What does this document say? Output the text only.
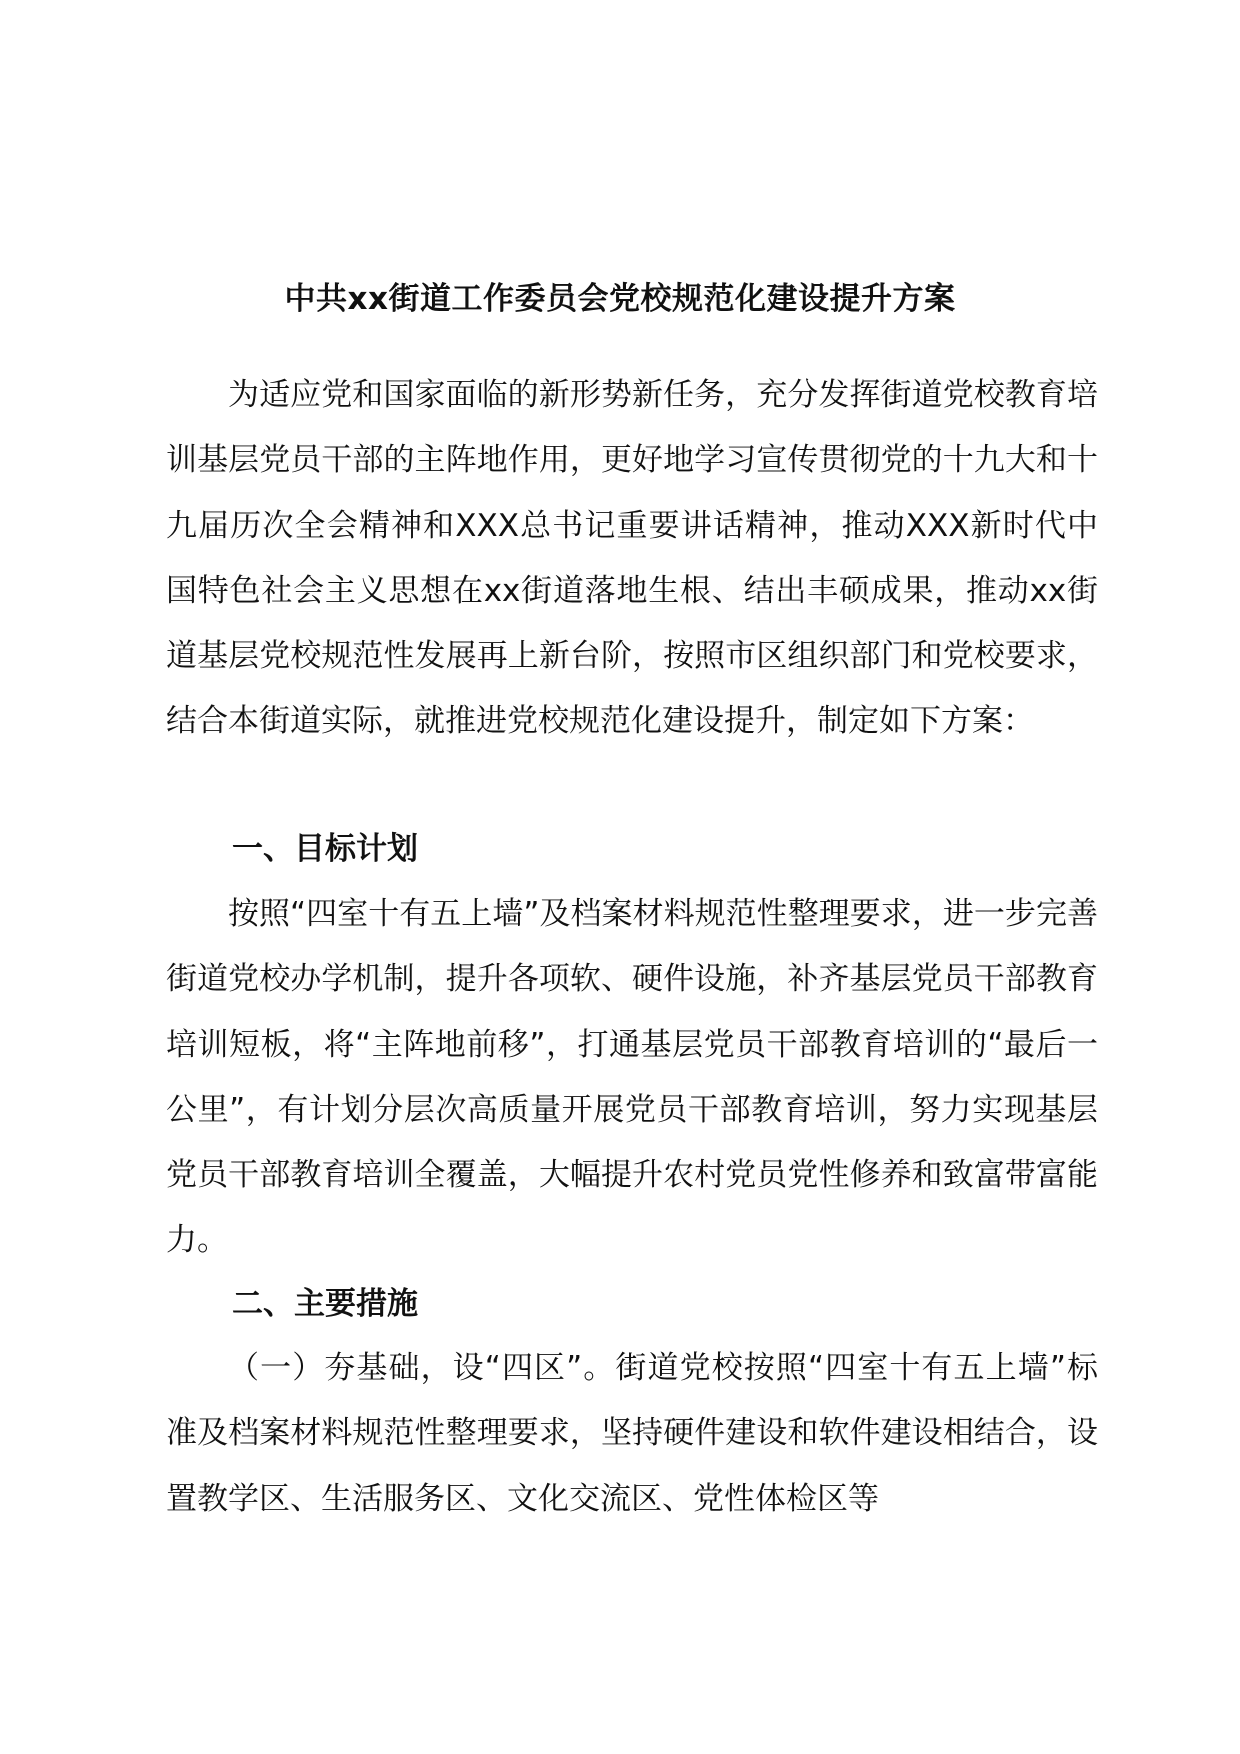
中共xx街道工作委员会党校规范化建设提升方案

为适应党和国家面临的新形势新任务，充分发挥街道党校教育培训基层党员干部的主阵地作用，更好地学习宣传贯彻党的十九大和十九届历次全会精神和XXX总书记重要讲话精神，推动XXX新时代中国特色社会主义思想在xx街道落地生根、结出丰硕成果，推动xx街道基层党校规范性发展再上新台阶，按照市区组织部门和党校要求，结合本街道实际，就推进党校规范化建设提升，制定如下方案：

一、目标计划

按照“四室十有五上墙”及档案材料规范性整理要求，进一步完善街道党校办学机制，提升各项软、硬件设施，补齐基层党员干部教育培训短板，将“主阵地前移”，打通基层党员干部教育培训的“最后一公里”，有计划分层次高质量开展党员干部教育培训，努力实现基层党员干部教育培训全覆盖，大幅提升农村党员党性修养和致富带富能力。

二、主要措施

（一）夯基础，设“四区”。街道党校按照“四室十有五上墙”标准及档案材料规范性整理要求，坚持硬件建设和软件建设相结合，设置教学区、生活服务区、文化交流区、党性体检区等
